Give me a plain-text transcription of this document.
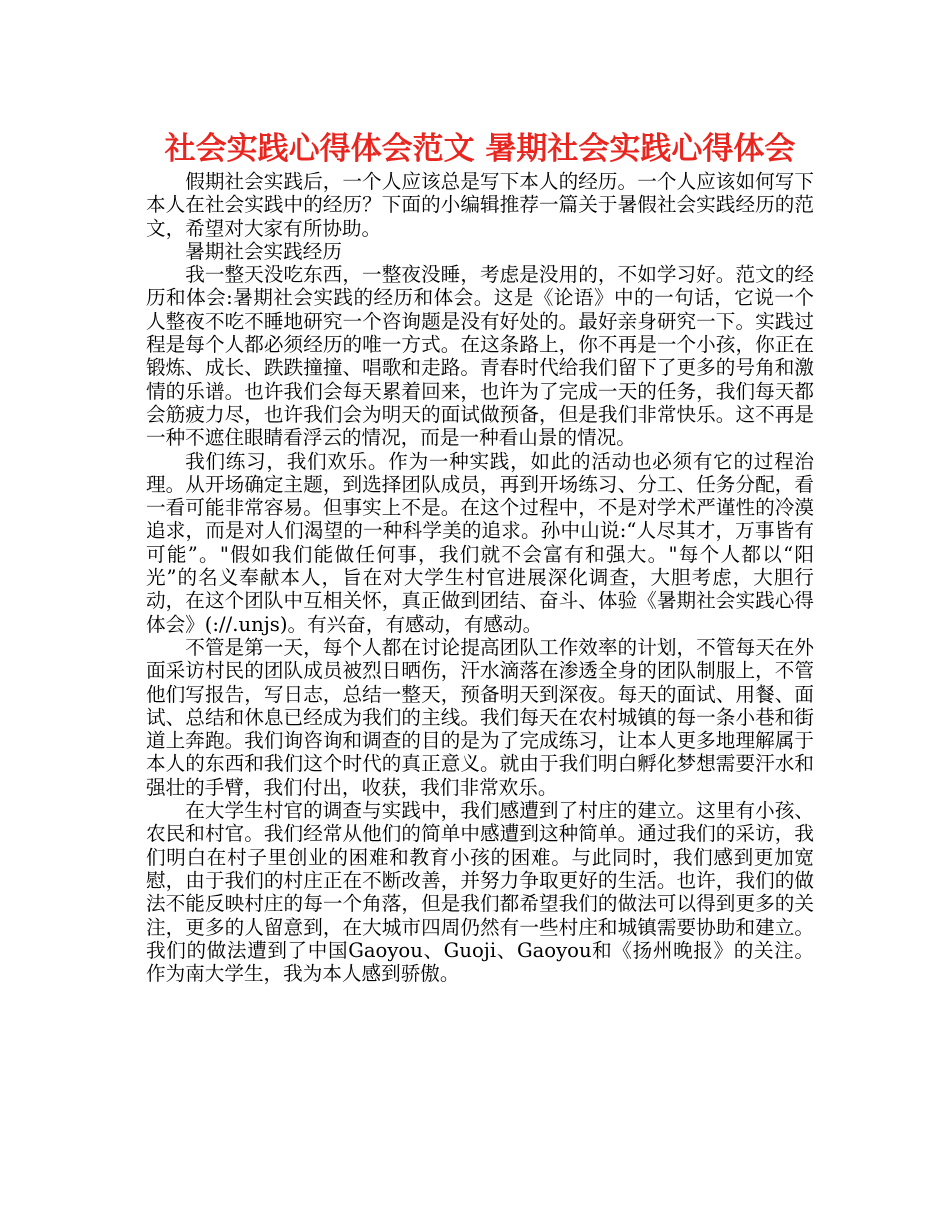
社会实践心得体会范文 暑期社会实践心得体会

假期社会实践后，一个人应该总是写下本人的经历。一个人应该如何写下本人在社会实践中的经历？下面的小编辑推荐一篇关于暑假社会实践经历的范文，希望对大家有所协助。

暑期社会实践经历

我一整天没吃东西，一整夜没睡，考虑是没用的，不如学习好。范文的经历和体会:暑期社会实践的经历和体会。这是《论语》中的一句话，它说一个人整夜不吃不睡地研究一个咨询题是没有好处的。最好亲身研究一下。实践过程是每个人都必须经历的唯一方式。在这条路上，你不再是一个小孩，你正在锻炼、成长、跌跌撞撞、唱歌和走路。青春时代给我们留下了更多的号角和激情的乐谱。也许我们会每天累着回来，也许为了完成一天的任务，我们每天都会筋疲力尽，也许我们会为明天的面试做预备，但是我们非常快乐。这不再是一种不遮住眼睛看浮云的情况，而是一种看山景的情况。

我们练习，我们欢乐。作为一种实践，如此的活动也必须有它的过程治理。从开场确定主题，到选择团队成员，再到开场练习、分工、任务分配，看一看可能非常容易。但事实上不是。在这个过程中，不是对学术严谨性的冷漠追求，而是对人们渴望的一种科学美的追求。孙中山说:“人尽其才，万事皆有可能”。"假如我们能做任何事，我们就不会富有和强大。"每个人都以“阳光”的名义奉献本人，旨在对大学生村官进展深化调查，大胆考虑，大胆行动，在这个团队中互相关怀，真正做到团结、奋斗、体验《暑期社会实践心得体会》(://.unjs)。有兴奋，有感动，有感动。

不管是第一天，每个人都在讨论提高团队工作效率的计划，不管每天在外面采访村民的团队成员被烈日晒伤，汗水滴落在渗透全身的团队制服上，不管他们写报告，写日志，总结一整天，预备明天到深夜。每天的面试、用餐、面试、总结和休息已经成为我们的主线。我们每天在农村城镇的每一条小巷和街道上奔跑。我们询咨询和调查的目的是为了完成练习，让本人更多地理解属于本人的东西和我们这个时代的真正意义。就由于我们明白孵化梦想需要汗水和强壮的手臂，我们付出，收获，我们非常欢乐。

在大学生村官的调查与实践中，我们感遭到了村庄的建立。这里有小孩、农民和村官。我们经常从他们的简单中感遭到这种简单。通过我们的采访，我们明白在村子里创业的困难和教育小孩的困难。与此同时，我们感到更加宽慰，由于我们的村庄正在不断改善，并努力争取更好的生活。也许，我们的做法不能反映村庄的每一个角落，但是我们都希望我们的做法可以得到更多的关注，更多的人留意到，在大城市四周仍然有一些村庄和城镇需要协助和建立。我们的做法遭到了中国Gaoyou、Guoji、Gaoyou和《扬州晚报》的关注。作为南大学生，我为本人感到骄傲。
